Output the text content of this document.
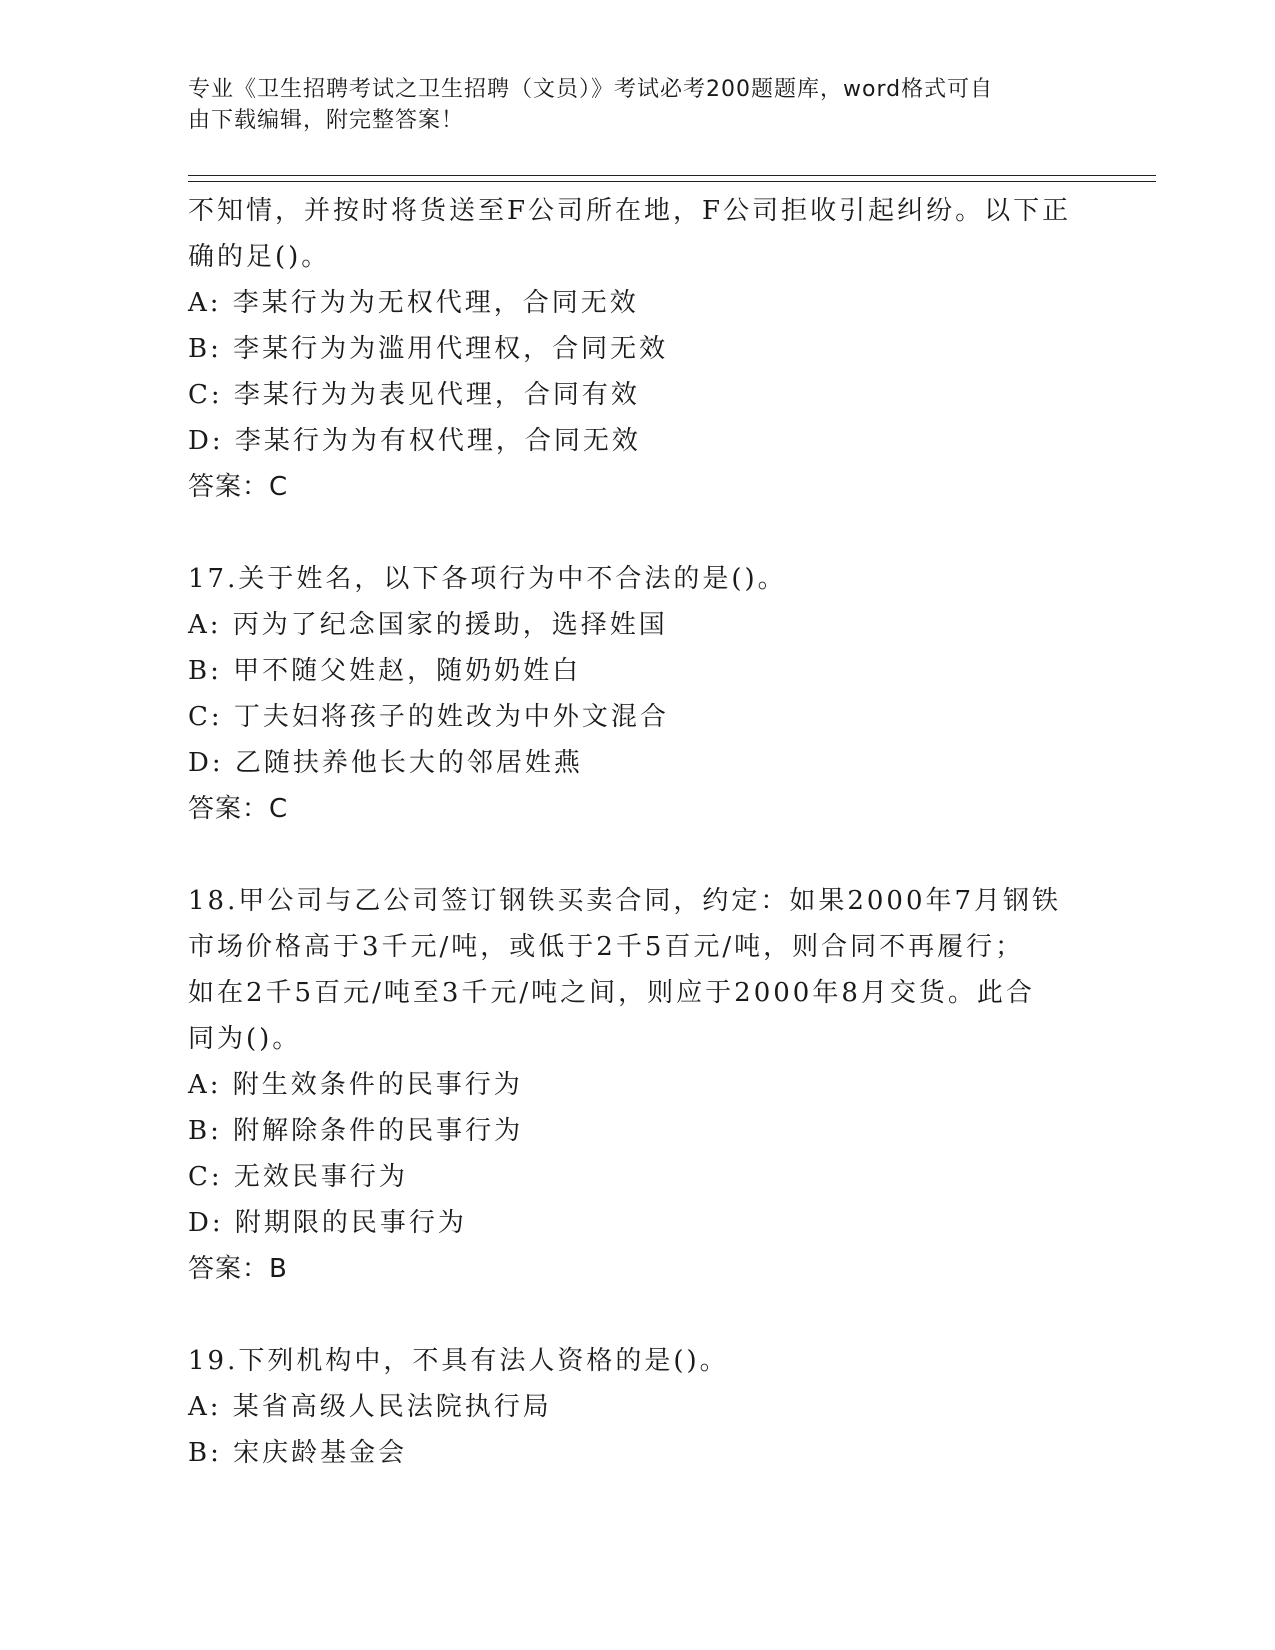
专业《卫生招聘考试之卫生招聘（文员）》考试必考200题题库，word格式可自
由下载编辑，附完整答案！
不知情，并按时将货送至F公司所在地，F公司拒收引起纠纷。以下正
确的足()。
A: 李某行为为无权代理，合同无效
B: 李某行为为滥用代理权，合同无效
C: 李某行为为表见代理，合同有效
D: 李某行为为有权代理，合同无效
答案：C
17.关于姓名，以下各项行为中不合法的是()。
A: 丙为了纪念国家的援助，选择姓国
B: 甲不随父姓赵，随奶奶姓白
C: 丁夫妇将孩子的姓改为中外文混合
D: 乙随扶养他长大的邻居姓燕
答案：C
18.甲公司与乙公司签订钢铁买卖合同，约定：如果2000年7月钢铁
市场价格高于3千元/吨，或低于2千5百元/吨，则合同不再履行；
如在2千5百元/吨至3千元/吨之间，则应于2000年8月交货。此合
同为()。
A: 附生效条件的民事行为
B: 附解除条件的民事行为
C: 无效民事行为
D: 附期限的民事行为
答案：B
19.下列机构中，不具有法人资格的是()。
A: 某省高级人民法院执行局
B: 宋庆龄基金会
